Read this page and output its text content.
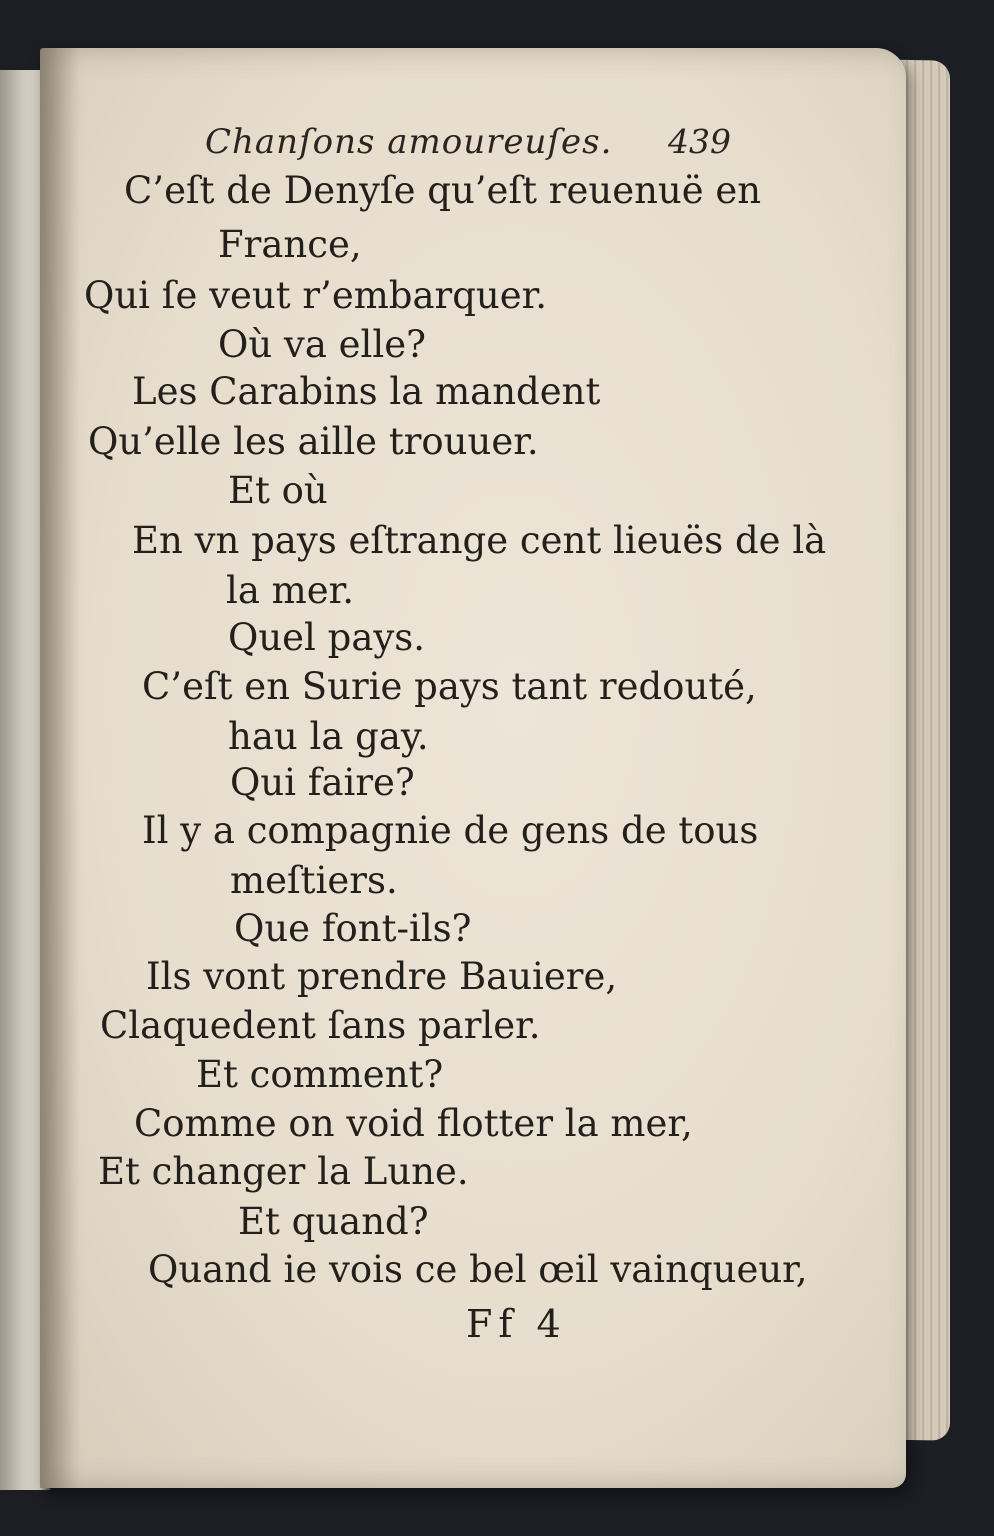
Chanſons amoureuſes. 439
C’eſt de Denyſe qu’eſt reuenuë en
France,
Qui ſe veut r’embarquer.
Où va elle?
Les Carabins la mandent
Qu’elle les aille trouuer.
Et où
En vn pays eſtrange cent lieuës de là
la mer.
Quel pays.
C’eſt en Surie pays tant redouté,
hau la gay.
Qui faire?
Il y a compagnie de gens de tous
meſtiers.
Que font-ils?
Ils vont prendre Bauiere,
Claquedent ſans parler.
Et comment?
Comme on void flotter la mer,
Et changer la Lune.
Et quand?
Quand ie vois ce bel œil vainqueur,
Ff 4
